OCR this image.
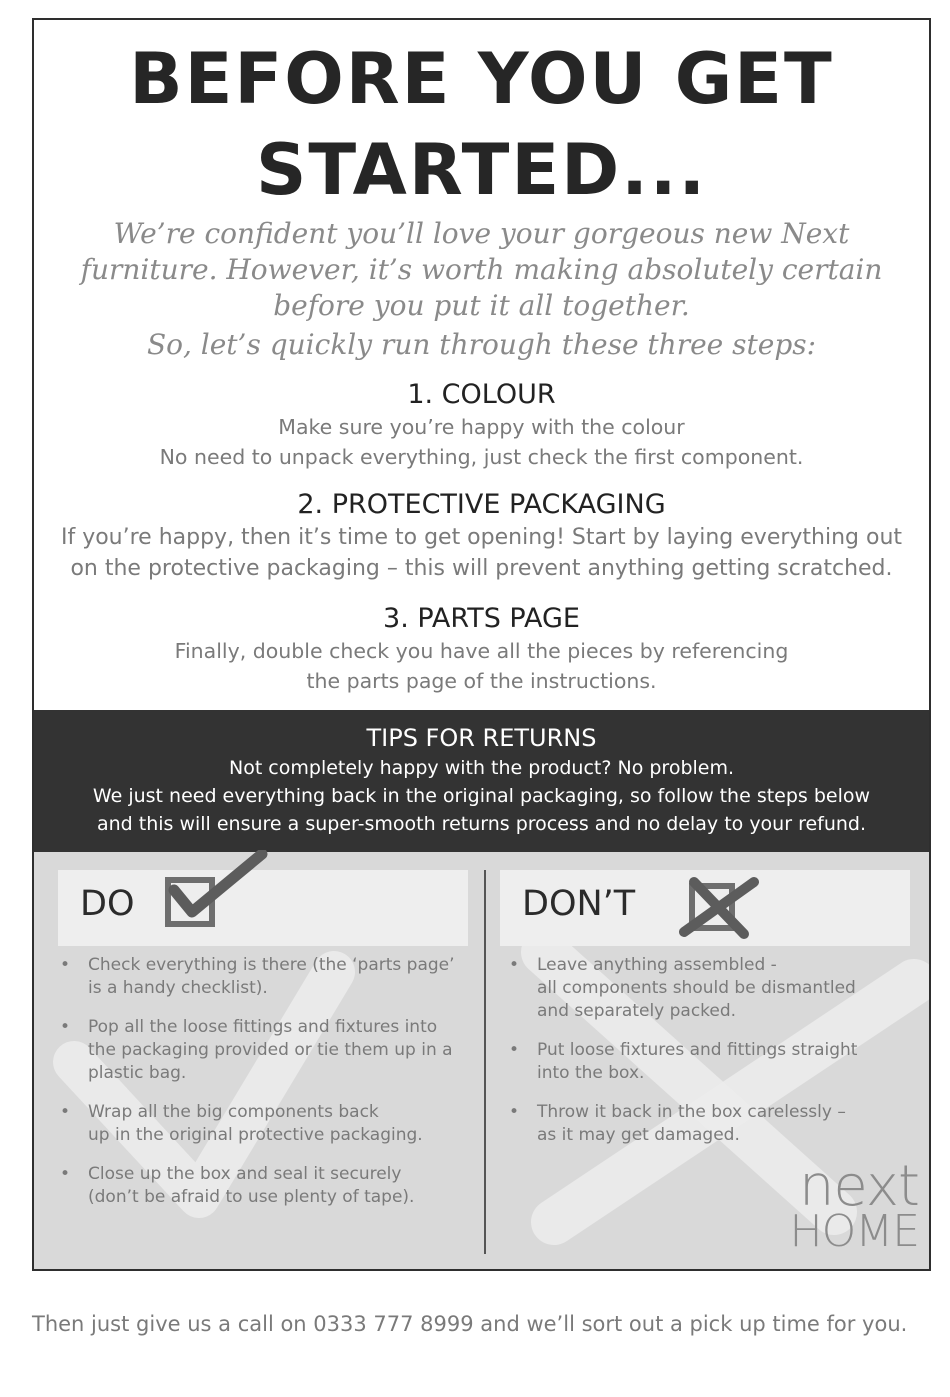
BEFORE YOU GET
STARTED...
We’re confident you’ll love your gorgeous new Next
furniture. However, it’s worth making absolutely certain
before you put it all together.
So, let’s quickly run through these three steps:
1. COLOUR

Make sure you’re happy with the colour

No need to unpack everything, just check the first component.

2. PROTECTIVE PACKAGING

If you’re happy, then it’s time to get opening! Start by laying everything out

on the protective packaging – this will prevent anything getting scratched.

3. PARTS PAGE

Finally, double check you have all the pieces by referencing

the parts page of the instructions.

TIPS FOR RETURNS

Not completely happy with the product? No problem.

We just need everything back in the original packaging, so follow the steps below

and this will ensure a super-smooth returns process and no delay to your refund.

DO	DON’T
• Check everything is there (the ‘parts page’
is a handy checklist).
• Pop all the loose fittings and fixtures into
the packaging provided or tie them up in a
plastic bag.
• Wrap all the big components back
up in the original protective packaging.
• Close up the box and seal it securely
(don’t be afraid to use plenty of tape).
• Leave anything assembled -
all components should be dismantled
and separately packed.
• Put loose fixtures and fittings straight
into the box.
• Throw it back in the box carelessly –
as it may get damaged.
next
HOME
Then just give us a call on 0333 777 8999 and we’ll sort out a pick up time for you.
